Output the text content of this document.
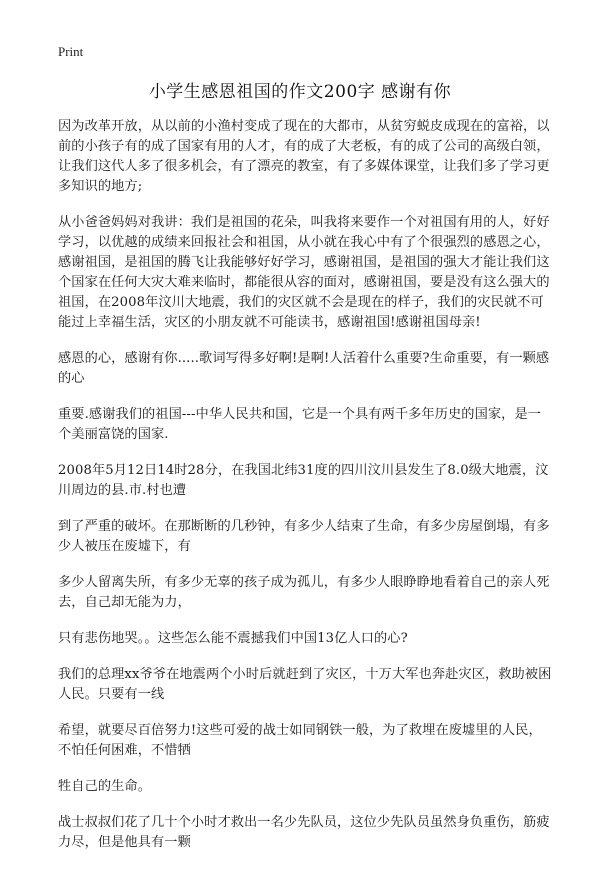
Print
小学生感恩祖国的作文200字 感谢有你

因为改革开放，从以前的小渔村变成了现在的大都市，从贫穷蜕皮成现在的富裕，以前的小孩子有的成了国家有用的人才，有的成了大老板，有的成了公司的高级白领，让我们这代人多了很多机会，有了漂亮的教室，有了多媒体课堂，让我们多了学习更多知识的地方;

从小爸爸妈妈对我讲：我们是祖国的花朵，叫我将来要作一个对祖国有用的人，好好学习，以优越的成绩来回报社会和祖国，从小就在我心中有了个很强烈的感恩之心，感谢祖国，是祖国的腾飞让我能够好好学习，感谢祖国，是祖国的强大才能让我们这个国家在任何大灾大难来临时，都能很从容的面对，感谢祖国，要是没有这么强大的祖国，在2008年汶川大地震，我们的灾区就不会是现在的样子，我们的灾民就不可能过上幸福生活，灾区的小朋友就不可能读书，感谢祖国!感谢祖国母亲!

感恩的心，感谢有你.....歌词写得多好啊!是啊!人活着什么重要?生命重要，有一颗感的心

重要.感谢我们的祖国---中华人民共和国，它是一个具有两千多年历史的国家，是一个美丽富饶的国家.

2008年5月12日14时28分，在我国北纬31度的四川汶川县发生了8.0级大地震，汶川周边的县.市.村也遭

到了严重的破坏。在那断断的几秒钟，有多少人结束了生命，有多少房屋倒塌，有多少人被压在废墟下，有

多少人留离失所，有多少无辜的孩子成为孤儿，有多少人眼睁睁地看着自己的亲人死去，自己却无能为力，

只有悲伤地哭。。这些怎么能不震撼我们中国13亿人口的心?

我们的总理xx爷爷在地震两个小时后就赶到了灾区，十万大军也奔赴灾区，救助被困人民。只要有一线

希望，就要尽百倍努力!这些可爱的战士如同钢铁一般，为了救埋在废墟里的人民，不怕任何困难，不惜牺

牲自己的生命。

战士叔叔们花了几十个小时才救出一名少先队员，这位少先队员虽然身负重伤，筋疲力尽，但是他具有一颗
